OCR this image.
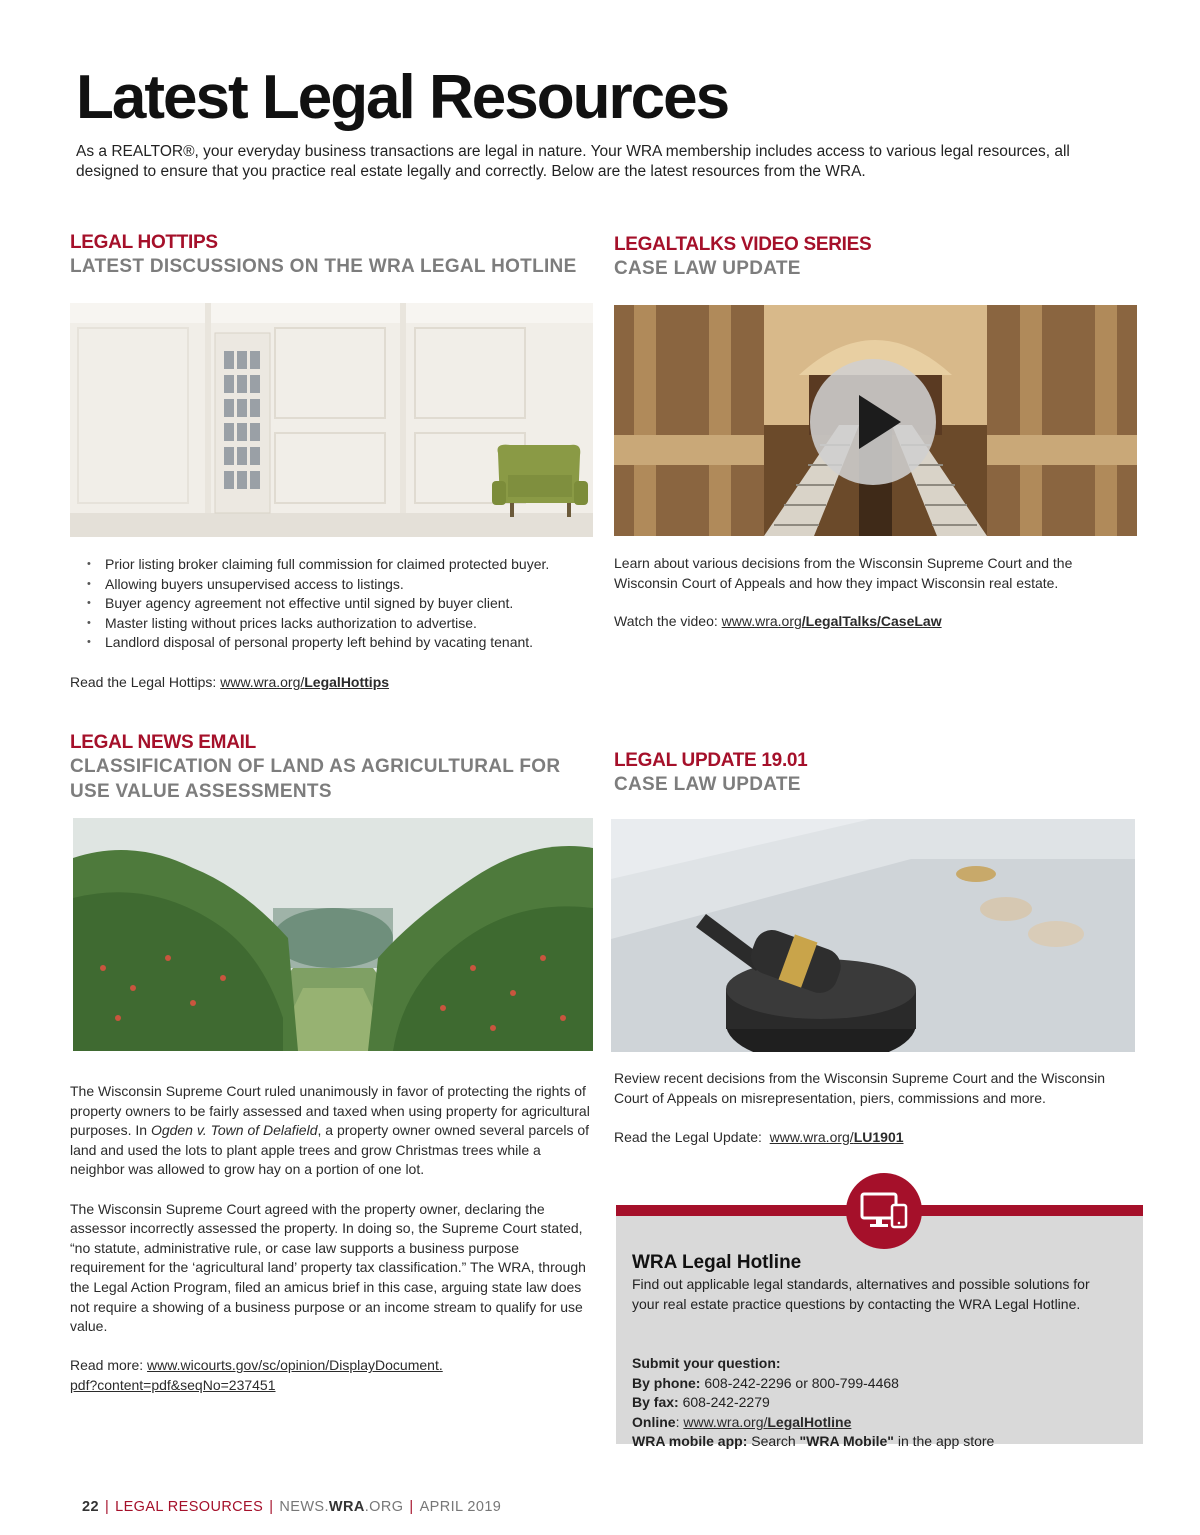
Latest Legal Resources

As a REALTOR®, your everyday business transactions are legal in nature. Your WRA membership includes access to various legal resources, all designed to ensure that you practice real estate legally and correctly. Below are the latest resources from the WRA.

LEGAL HOTTIPS

LATEST DISCUSSIONS ON THE WRA LEGAL HOTLINE

• Prior listing broker claiming full commission for claimed protected buyer.
• Allowing buyers unsupervised access to listings.
• Buyer agency agreement not effective until signed by buyer client.
• Master listing without prices lacks authorization to advertise.
• Landlord disposal of personal property left behind by vacating tenant.
Read the Legal Hottips: www.wra.org/LegalHottips

LEGALTALKS VIDEO SERIES

CASE LAW UPDATE

Learn about various decisions from the Wisconsin Supreme Court and the Wisconsin Court of Appeals and how they impact Wisconsin real estate.

Watch the video: www.wra.org/LegalTalks/CaseLaw

LEGAL NEWS EMAIL

CLASSIFICATION OF LAND AS AGRICULTURAL FOR USE VALUE ASSESSMENTS

The Wisconsin Supreme Court ruled unanimously in favor of protecting the rights of property owners to be fairly assessed and taxed when using property for agricultural purposes. In Ogden v. Town of Delafield, a property owner owned several parcels of land and used the lots to plant apple trees and grow Christmas trees while a neighbor was allowed to grow hay on a portion of one lot.

The Wisconsin Supreme Court agreed with the property owner, declaring the assessor incorrectly assessed the property. In doing so, the Supreme Court stated, “no statute, administrative rule, or case law supports a business purpose requirement for the ‘agricultural land’ property tax classification.” The WRA, through the Legal Action Program, filed an amicus brief in this case, arguing state law does not require a showing of a business purpose or an income stream to qualify for use value.

Read more: www.wicourts.gov/sc/opinion/DisplayDocument.
pdf?content=pdf&seqNo=237451

LEGAL UPDATE 19.01

CASE LAW UPDATE

Review recent decisions from the Wisconsin Supreme Court and the Wisconsin Court of Appeals on misrepresentation, piers, commissions and more.

Read the Legal Update:  www.wra.org/LU1901

WRA Legal Hotline

Find out applicable legal standards, alternatives and possible solutions for your real estate practice questions by contacting the WRA Legal Hotline.

Submit your question:
By phone: 608-242-2296 or 800-799-4468
By fax: 608-242-2279
Online: www.wra.org/LegalHotline
WRA mobile app: Search "WRA Mobile" in the app store
22 | LEGAL RESOURCES | NEWS.WRA.ORG | APRIL 2019
